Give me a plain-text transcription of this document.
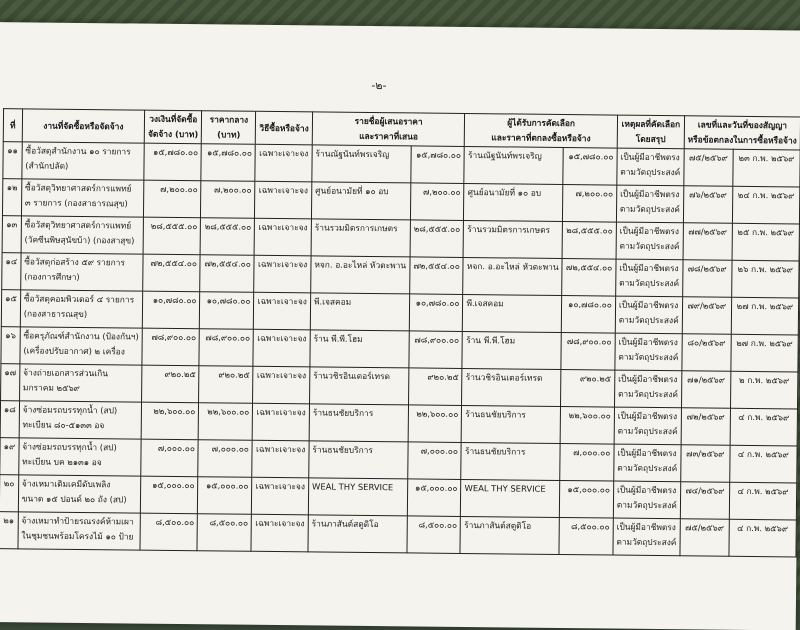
-๒-
ที่	งานที่จัดซื้อหรือจัดจ้าง	วงเงินที่จัดซื้อ
จัดจ้าง (บาท)	ราคากลาง
(บาท)	วิธีซื้อหรือจ้าง	รายชื่อผู้เสนอราคา
และราคาที่เสนอ		ผู้ได้รับการคัดเลือก
และราคาที่ตกลงซื้อหรือจ้าง		เหตุผลที่คัดเลือก
โดยสรุป	เลขที่และวันที่ของสัญญา
หรือข้อตกลงในการซื้อหรือจ้าง	

๑๑	ซื้อวัสดุสำนักงาน ๑๐ รายการ
(สำนักปลัด)	๑๕,๗๘๐.๐๐	๑๕,๗๘๐.๐๐	เฉพาะเจาะจง	ร้านณัฐนันท์พรเจริญ	๑๕,๗๘๐.๐๐	ร้านณัฐนันท์พรเจริญ	๑๕,๗๘๐.๐๐	เป็นผู้มีอาชีพตรง
ตามวัตถุประสงค์	๗๕/๒๕๖๙	๒๓ ก.พ. ๒๕๖๙

๑๒	ซื้อวัสดุวิทยาศาสตร์การแพทย์
๓ รายการ (กองสาธารณสุข)	๗,๒๐๐.๐๐	๗,๒๐๐.๐๐	เฉพาะเจาะจง	ศูนย์อนามัยที่ ๑๐ อบ	๗,๒๐๐.๐๐	ศูนย์อนามัยที่ ๑๐ อบ	๗,๒๐๐.๐๐	เป็นผู้มีอาชีพตรง
ตามวัตถุประสงค์	๗๖/๒๕๖๙	๒๔ ก.พ. ๒๕๖๙

๑๓	ซื้อวัสดุวิทยาศาสตร์การแพทย์
(วัคซีนพิษสุนัขบ้า) (กองสาสุข)	๒๘,๕๕๕.๐๐	๒๘,๕๕๕.๐๐	เฉพาะเจาะจง	ร้านรวมมิตรการเกษตร	๒๘,๕๕๕.๐๐	ร้านรวมมิตรการเกษตร	๒๘,๕๕๕.๐๐	เป็นผู้มีอาชีพตรง
ตามวัตถุประสงค์	๗๗/๒๕๖๙	๒๕ ก.พ. ๒๕๖๙

๑๔	ซื้อวัสดุก่อสร้าง ๕๙ รายการ
(กองการศึกษา)	๗๒,๕๕๔.๐๐	๗๒,๕๕๔.๐๐	เฉพาะเจาะจง	หจก. อ.อะไหล่ หัวตะพาน	๗๒,๕๕๔.๐๐	หจก. อ.อะไหล่ หัวตะพาน	๗๒,๕๕๔.๐๐	เป็นผู้มีอาชีพตรง
ตามวัตถุประสงค์	๗๘/๒๕๖๙	๒๖ ก.พ. ๒๕๖๙

๑๕	ซื้อวัสดุคอมพิวเตอร์ ๔ รายการ
(กองสาธารณสุข)	๑๐,๗๘๐.๐๐	๑๐,๗๘๐.๐๐	เฉพาะเจาะจง	พี.เจสคอม	๑๐,๗๘๐.๐๐	พี.เจสคอม	๑๐,๗๘๐.๐๐	เป็นผู้มีอาชีพตรง
ตามวัตถุประสงค์	๗๙/๒๕๖๙	๒๗ ก.พ. ๒๕๖๙

๑๖	ซื้อครุภัณฑ์สำนักงาน (ป้องกันฯ)
(เครื่องปรับอากาศ) ๒ เครื่อง	๗๘,๙๐๐.๐๐	๗๘,๙๐๐.๐๐	เฉพาะเจาะจง	ร้าน พี.พี.โฮม	๗๘,๙๐๐.๐๐	ร้าน พี.พี.โฮม	๗๘,๙๐๐.๐๐	เป็นผู้มีอาชีพตรง
ตามวัตถุประสงค์	๘๐/๒๕๖๙	๒๗ ก.พ. ๒๕๖๙

๑๗	จ้างถ่ายเอกสารส่วนเกิน
มกราคม ๒๕๖๙	๙๒๐.๒๕	๙๒๐.๒๕	เฉพาะเจาะจง	ร้านวชิรอินเตอร์เทรด	๙๒๐.๒๕	ร้านวชิรอินเตอร์เทรด	๙๒๐.๒๕	เป็นผู้มีอาชีพตรง
ตามวัตถุประสงค์	๗๑/๒๕๖๙	๒ ก.พ. ๒๕๖๙

๑๘	จ้างซ่อมรถบรรทุกน้ำ (สป)
ทะเบียน ๘๐-๕๑๓๓ อจ	๒๒,๖๐๐.๐๐	๒๒,๖๐๐.๐๐	เฉพาะเจาะจง	ร้านธนชัยบริการ	๒๒,๖๐๐.๐๐	ร้านธนชัยบริการ	๒๒,๖๐๐.๐๐	เป็นผู้มีอาชีพตรง
ตามวัตถุประสงค์	๗๒/๒๕๖๙	๔ ก.พ. ๒๕๖๙

๑๙	จ้างซ่อมรถบรรทุกน้ำ (สป)
ทะเบียน บค ๒๑๓๑ อจ	๗,๐๐๐.๐๐	๗,๐๐๐.๐๐	เฉพาะเจาะจง	ร้านธนชัยบริการ	๗,๐๐๐.๐๐	ร้านธนชัยบริการ	๗,๐๐๐.๐๐	เป็นผู้มีอาชีพตรง
ตามวัตถุประสงค์	๗๓/๒๕๖๙	๔ ก.พ. ๒๕๖๙

๒๐	จ้างเหมาเติมเคมีดับเพลิง
ขนาด ๑๕ ปอนด์ ๒๐ ถัง (สป)	๑๕,๐๐๐.๐๐	๑๕,๐๐๐.๐๐	เฉพาะเจาะจง	WEAL THY SERVICE	๑๕,๐๐๐.๐๐	WEAL THY SERVICE	๑๕,๐๐๐.๐๐	เป็นผู้มีอาชีพตรง
ตามวัตถุประสงค์	๗๔/๒๕๖๙	๔ ก.พ. ๒๕๖๙

๒๑	จ้างเหมาทำป้ายรณรงค์ห้ามเผา
ในชุมชนพร้อมโครงไม้ ๑๐ ป้าย	๘,๕๐๐.๐๐	๘,๕๐๐.๐๐	เฉพาะเจาะจง	ร้านภาสันต์สตูดิโอ	๘,๕๐๐.๐๐	ร้านภาสันต์สตูดิโอ	๘,๕๐๐.๐๐	เป็นผู้มีอาชีพตรง
ตามวัตถุประสงค์	๗๕/๒๕๖๙	๔ ก.พ. ๒๕๖๙
